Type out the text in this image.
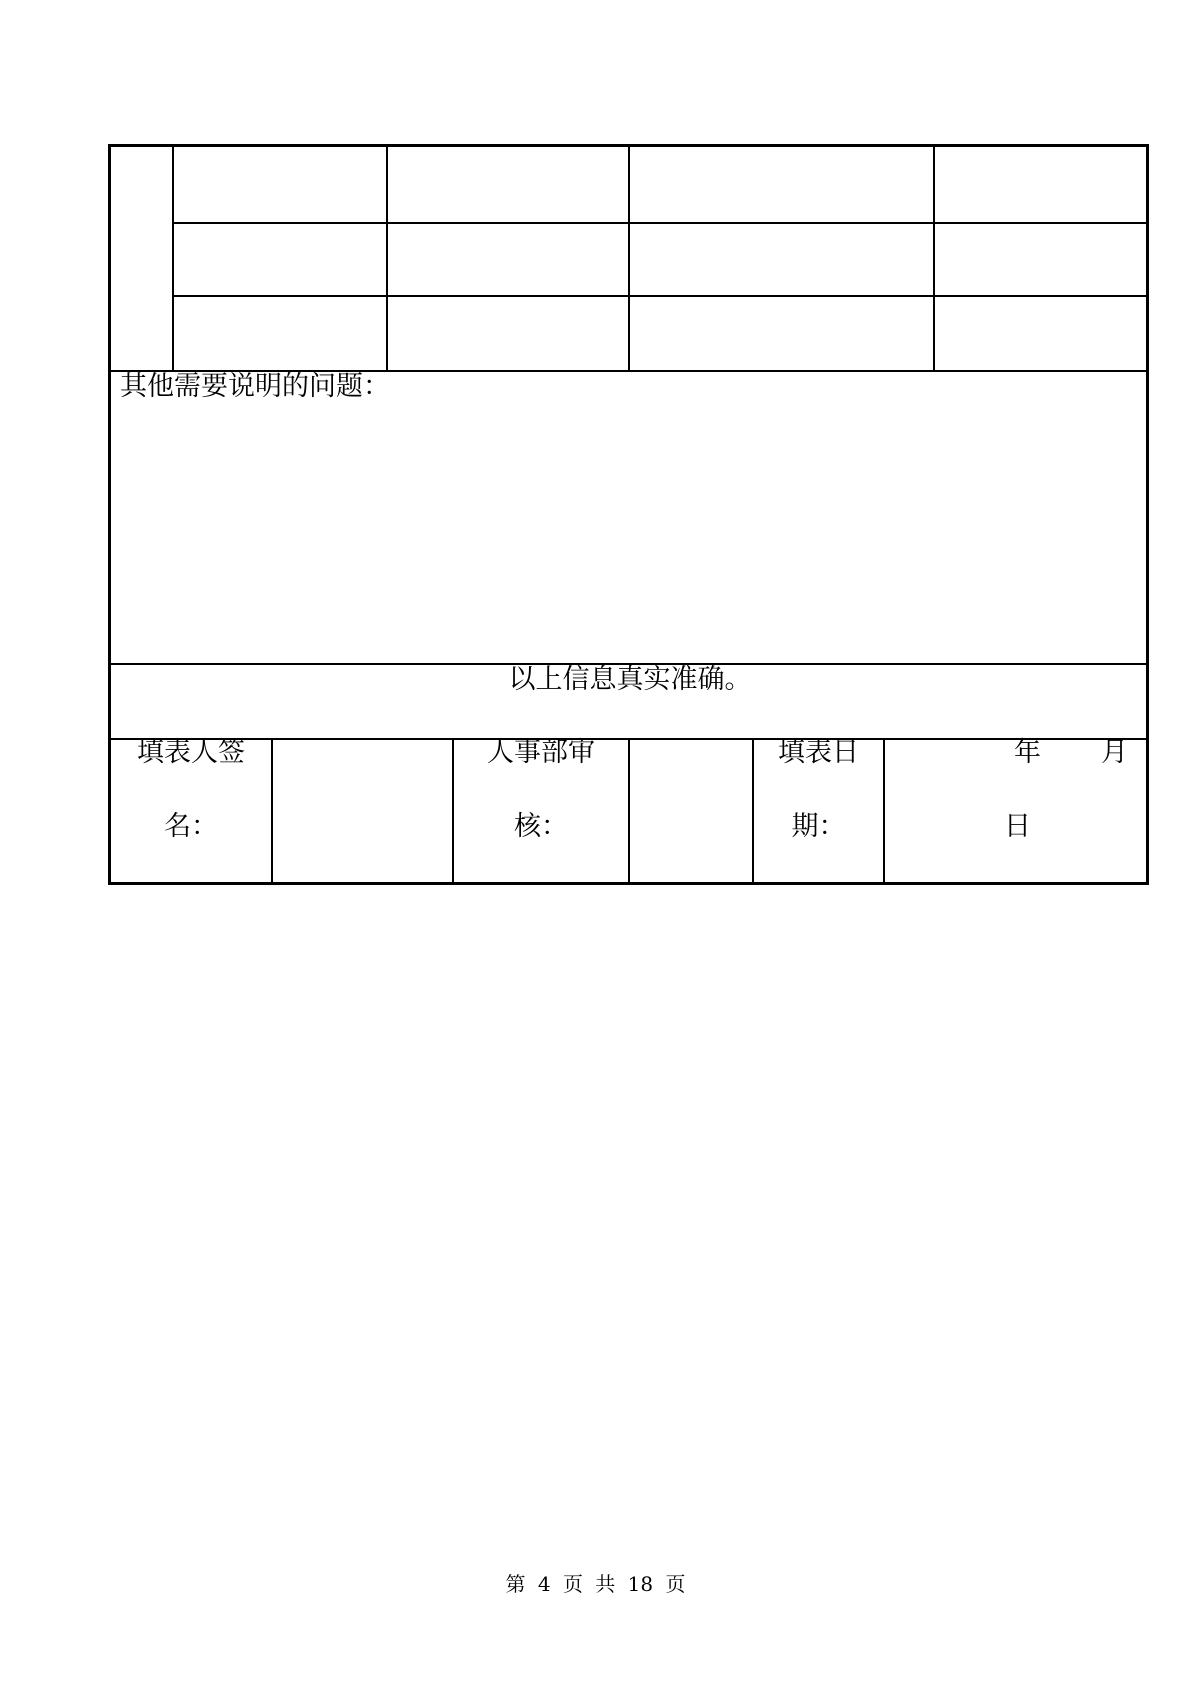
其他需要说明的问题：
以上信息真实准确。
填表人签
名：
人事部审
核：
填表日
期：
年 月
日
第 4 页 共 18 页
